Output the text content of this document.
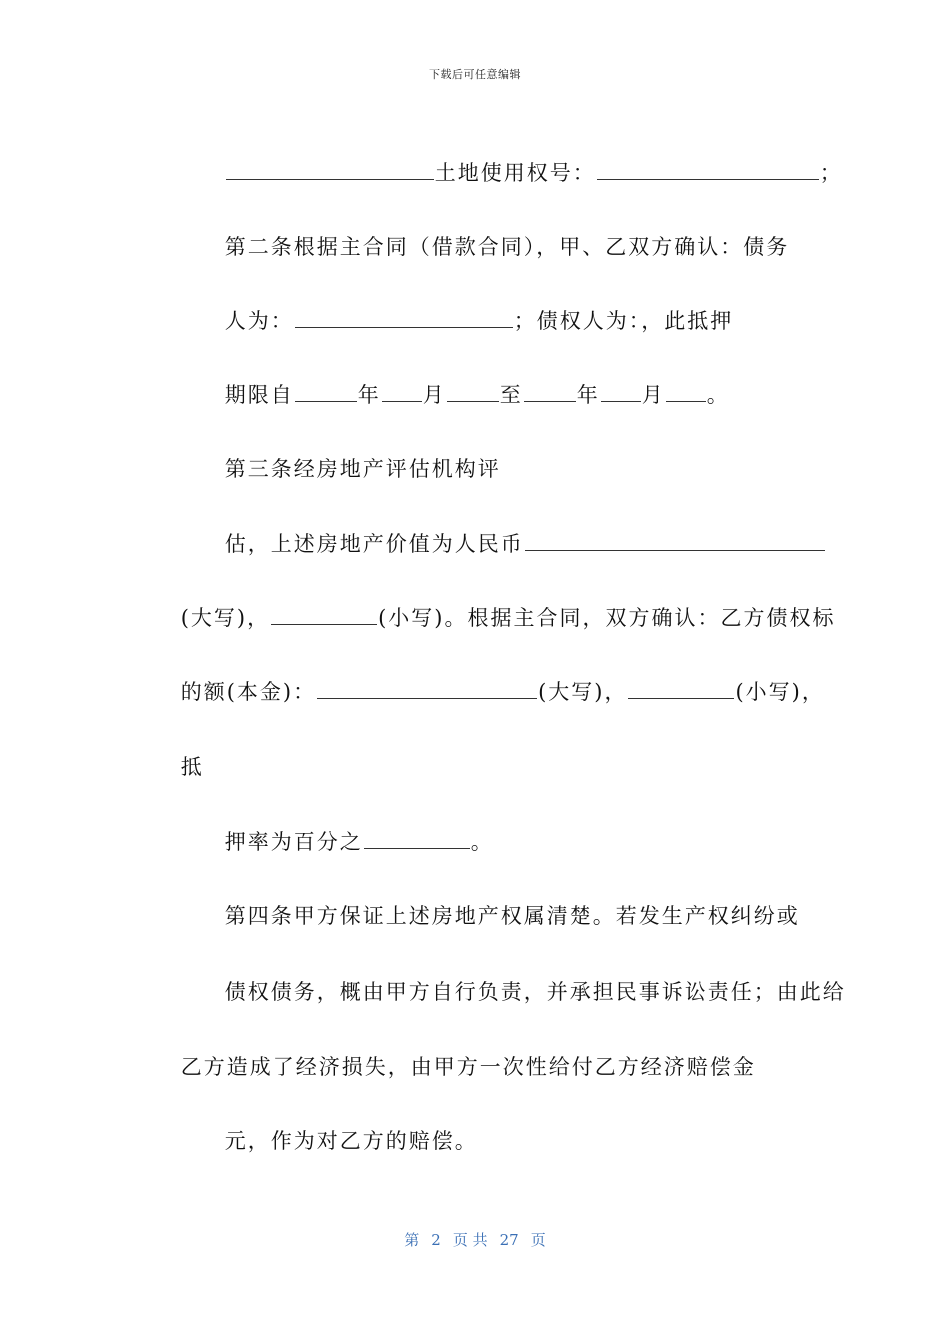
下载后可任意编辑

土地使用权号：	；

第二条根据主合同（借款合同），甲、乙双方确认：债务

人为：	；债权人为：，此抵押

期限自	年 月	至	年 月 。

第三条经房地产评估机构评

估，上述房地产价值为人民币

(大写)，	(小写)。根据主合同，双方确认：乙方债权标

的额(本金)：	(大写)，	(小写)，

抵

押率为百分之	。

第四条甲方保证上述房地产权属清楚。若发生产权纠纷或

债权债务，概由甲方自行负责，并承担民事诉讼责任；由此给

乙方造成了经济损失，由甲方一次性给付乙方经济赔偿金

元，作为对乙方的赔偿。

第 2 页 共 27 页
